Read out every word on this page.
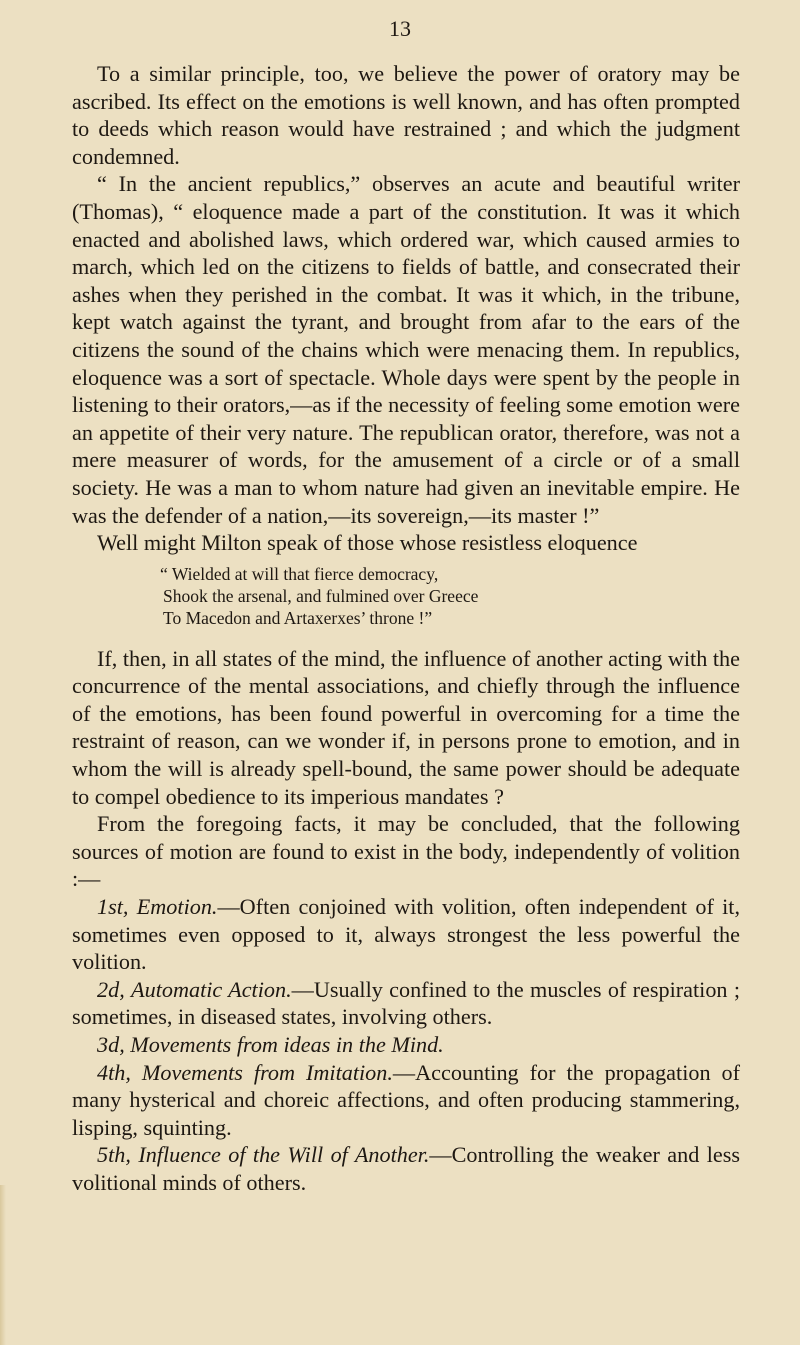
13

To a similar principle, too, we believe the power of oratory may be ascribed. Its effect on the emotions is well known, and has often prompted to deeds which reason would have restrained ; and which the judgment condemned.

“ In the ancient republics,” observes an acute and beautiful writer (Thomas), “ eloquence made a part of the constitution. It was it which enacted and abolished laws, which ordered war, which caused armies to march, which led on the citizens to fields of battle, and consecrated their ashes when they perished in the combat. It was it which, in the tribune, kept watch against the tyrant, and brought from afar to the ears of the citizens the sound of the chains which were menacing them. In republics, eloquence was a sort of spectacle. Whole days were spent by the people in listening to their orators,—as if the necessity of feeling some emotion were an appetite of their very nature. The republican orator, therefore, was not a mere measurer of words, for the amusement of a circle or of a small society. He was a man to whom nature had given an inevitable empire. He was the defender of a nation,—its sovereign,—its master !”

Well might Milton speak of those whose resistless eloquence

“ Wielded at will that fierce democracy,
Shook the arsenal, and fulmined over Greece
To Macedon and Artaxerxes’ throne !”

If, then, in all states of the mind, the influence of another acting with the concurrence of the mental associations, and chiefly through the influence of the emotions, has been found powerful in overcoming for a time the restraint of reason, can we wonder if, in persons prone to emotion, and in whom the will is already spell-bound, the same power should be adequate to compel obedience to its imperious mandates ?

From the foregoing facts, it may be concluded, that the following sources of motion are found to exist in the body, independently of volition :—

1st, Emotion.—Often conjoined with volition, often independent of it, sometimes even opposed to it, always strongest the less powerful the volition.

2d, Automatic Action.—Usually confined to the muscles of respiration ; sometimes, in diseased states, involving others.

3d, Movements from ideas in the Mind.

4th, Movements from Imitation.—Accounting for the propagation of many hysterical and choreic affections, and often producing stammering, lisping, squinting.

5th, Influence of the Will of Another.—Controlling the weaker and less volitional minds of others.
